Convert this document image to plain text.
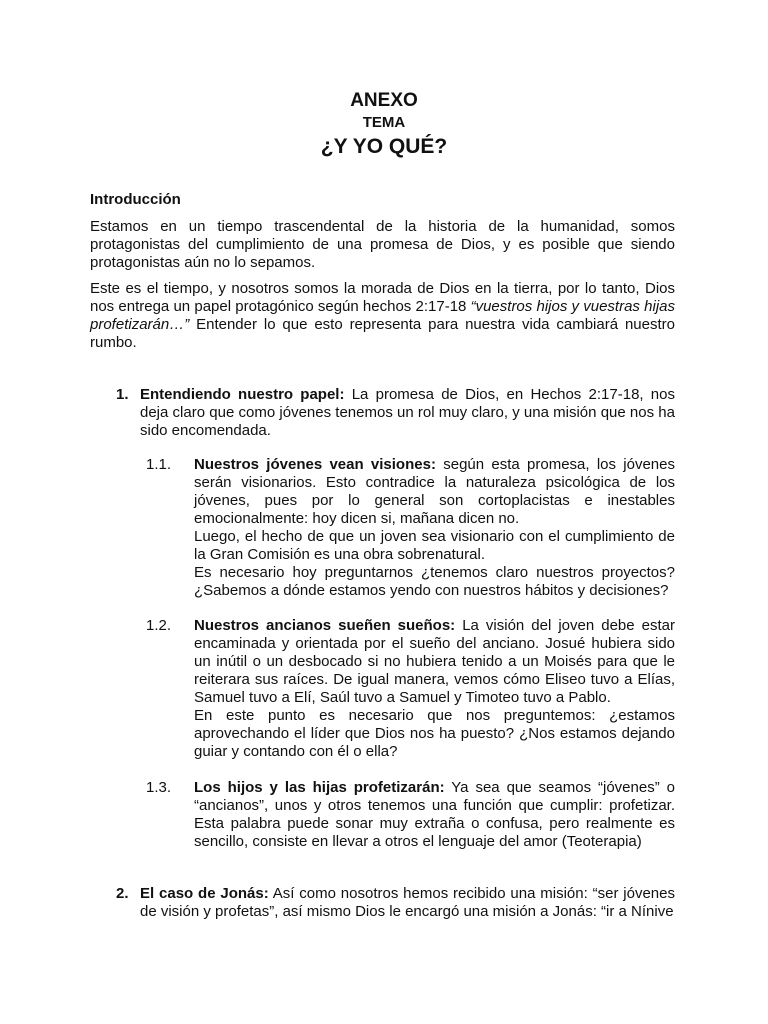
ANEXO
TEMA
¿Y YO QUÉ?
Introducción

Estamos en un tiempo trascendental de la historia de la humanidad, somos protagonistas del cumplimiento de una promesa de Dios, y es posible que siendo protagonistas aún no lo sepamos.

Este es el tiempo, y nosotros somos la morada de Dios en la tierra, por lo tanto, Dios nos entrega un papel protagónico según hechos 2:17-18 “vuestros hijos y vuestras hijas profetizarán…” Entender lo que esto representa para nuestra vida cambiará nuestro rumbo.

1. Entendiendo nuestro papel: La promesa de Dios, en Hechos 2:17-18, nos deja claro que como jóvenes tenemos un rol muy claro, y una misión que nos ha sido encomendada.
1.1. Nuestros jóvenes vean visiones: según esta promesa, los jóvenes serán visionarios. Esto contradice la naturaleza psicológica de los jóvenes, pues por lo general son cortoplacistas e inestables emocionalmente: hoy dicen si, mañana dicen no.
Luego, el hecho de que un joven sea visionario con el cumplimiento de la Gran Comisión es una obra sobrenatural.
Es necesario hoy preguntarnos ¿tenemos claro nuestros proyectos? ¿Sabemos a dónde estamos yendo con nuestros hábitos y decisiones?
1.2. Nuestros ancianos sueñen sueños: La visión del joven debe estar encaminada y orientada por el sueño del anciano. Josué hubiera sido un inútil o un desbocado si no hubiera tenido a un Moisés para que le reiterara sus raíces. De igual manera, vemos cómo Eliseo tuvo a Elías, Samuel tuvo a Elí, Saúl tuvo a Samuel y Timoteo tuvo a Pablo.
En este punto es necesario que nos preguntemos: ¿estamos aprovechando el líder que Dios nos ha puesto? ¿Nos estamos dejando guiar y contando con él o ella?
1.3. Los hijos y las hijas profetizarán: Ya sea que seamos “jóvenes” o “ancianos”, unos y otros tenemos una función que cumplir: profetizar. Esta palabra puede sonar muy extraña o confusa, pero realmente es sencillo, consiste en llevar a otros el lenguaje del amor (Teoterapia)
2. El caso de Jonás: Así como nosotros hemos recibido una misión: “ser jóvenes de visión y profetas”, así mismo Dios le encargó una misión a Jonás: “ir a Nínive
